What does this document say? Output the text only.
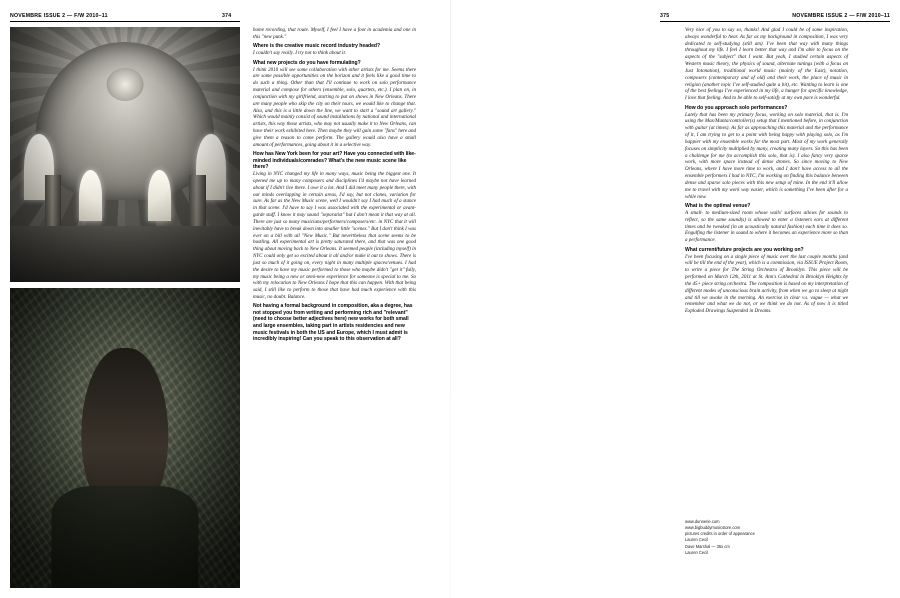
NOVEMBRE ISSUE 2 — F/W 2010–11	374	375	NOVEMBRE ISSUE 2 — F/W 2010–11

home recording, that route. Myself, I feel I have a foot in academia and one in this "new punk."

Where is the creative music record industry headed?

I couldn't say really. I try not to think about it.

What new projects do you have formulating?

I think 2010 will see some collaboration with other artists for me. Seems there are some possible opportunities on the horizon and it feels like a good time to do such a thing. Other than that I'll continue to work on solo performance material and compose for others (ensemble, solo, quartets, etc.). I plan on, in conjunction with my girlfriend, starting to put on shows in New Orleans. There are many people who skip the city on their tours, we would like to change that. Also, and this is a little down the line, we want to start a "sound art gallery." Which would mainly consist of sound installations by national and international artists, this way those artists, who may not usually make it to New Orleans, can have their work exhibited here. Then maybe they will gain some "fans" here and give them a reason to come perform. The gallery would also have a small amount of performances, going about it in a selective way.

How has New York been for your art? Have you connected with like-minded individuals/comrades? What's the new music scene like there?

Living in NYC changed my life in many ways, music being the biggest one. It opened me up to many composers and disciplines I'd maybe not have learned about if I didn't live there. I owe it a lot. And I did meet many people there, with our minds overlapping in certain areas, I'd say, but not clones, variation for sure. As far as the New Music scene, well I wouldn't say I had much of a stance in that scene. I'd have to say I was associated with the experimental or avant-garde stuff. I know it may sound "separatist" but I don't mean it that way at all. There are just so many musicians/performers/composers/etc. in NYC that it will inevitably have to break down into smaller little "scenes." But I don't think I was ever on a bill with all "New Music." But nevertheless that scene seems to be bustling. All experimental art is pretty saturated there, and that was one good thing about moving back to New Orleans. It seemed people (including myself) in NYC could only get so excited about it all and/or make it out to shows. There is just so much of it going on, every night in many multiple spaces/venues. I had the desire to have my music performed to those who maybe didn't "get it" fully, my music being a new or semi-new experience for someone is special to me. So with my relocation to New Orleans I hope that this can happen. With that being said, I still like to perform to those that have had much experience with this music, no doubt. Balance.

Not having a formal background in composition, aka a degree, has not stopped you from writing and performing rich and "relevant" (need to choose better adjectives here) new works for both small and large ensembles, taking part in artists residencies and new music festivals in both the US and Europe, which I must admit is incredibly inspiring! Can you speak to this observation at all?

Very nice of you to say so, thanks! And glad I could be of some inspiration, always wonderful to hear. As far as my background in composition, I was very dedicated to self-studying (still am). I've been that way with many things throughout my life. I feel I learn better that way and I'm able to focus on the aspects of the "subject" that I want. But yeah, I studied certain aspects of Western music theory, the physics of sound, alternate tunings (with a focus on Just Intonation), traditional world music (mainly of the East), notation, composers (contemporary and of old) and their work, the place of music in religion (another topic I've self-studied quite a bit), etc. Wanting to learn is one of the best feelings I've experienced in my life, a hunger for specific knowledge, I love that feeling. And to be able to self-satisfy at my own pace is wonderful.

How do you approach solo performances?

Lately that has been my primary focus, working on solo material, that is. I'm using the Max/Manta/controller(s) setup that I mentioned before, in conjunction with guitar (at times). As far as approaching this material and the performance of it, I am trying to get to a point with being happy with playing solo, as I'm happier with my ensemble works for the most part. Most of my work generally focuses on simplicity multiplied by many, creating many layers. So this has been a challenge for me (to accomplish this solo, that is). I also fancy very sparse work, with more space instead of dense drones. So since moving to New Orleans, where I have more time to work, and I don't have access to all the ensemble performers I had in NYC, I'm working on finding this balance between dense and sparse solo pieces with this new setup of mine. In the end it'll allow me to travel with my work way easier, which is something I've been after for a while now.

What is the optimal venue?

A small- to medium-sized room whose walls' surfaces allows for sounds to reflect, so the same sound(s) is allowed to enter a listeners ears at different times and be tweaked (in an acoustically natural fashion) each time it does so. Engulfing the listener in sound to where it becomes an experience more so than a performance.

What current/future projects are you working on?

I've been focusing on a single piece of music over the last couple months (and will be till the end of the year), which is a commission, via ISSUE Project Room, to write a piece for The String Orchestra of Brooklyn. This piece will be performed on March 12th, 2011 at St. Ann's Cathedral in Brooklyn Heights by the 45+ piece string orchestra. The composition is based on my interpretation of different modes of unconscious brain activity, from when we go to sleep at night and till we awake in the morning. An exercise in clear v.s. vague — what we remember and what we do not, or we think we do not. As of now it is titled Exploded Drawings Suspended in Dreams.

www.dunnerie.com
www.bigbuddymusicstore.com
pictures credits in order of appearance
Lauren Cecil
Dave Marshal — 35x cm
Lauren Cecil
